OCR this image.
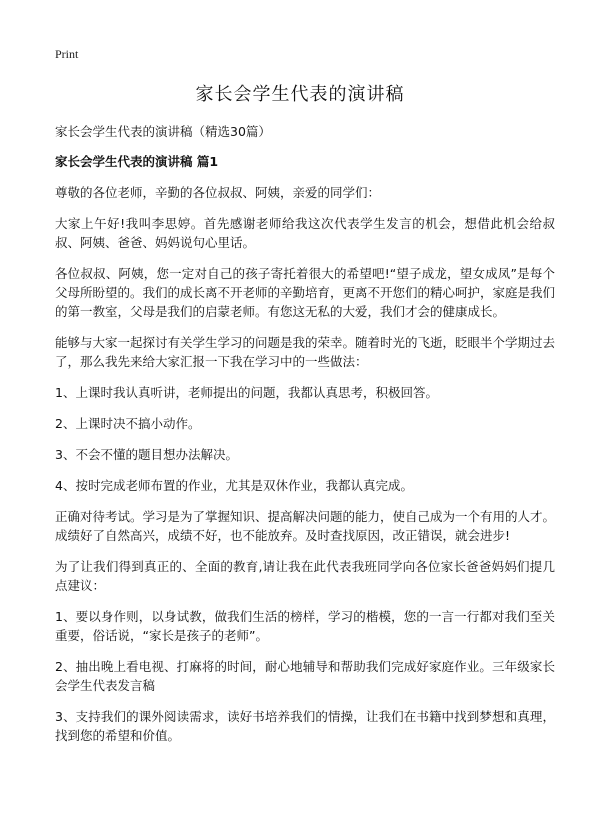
Print
家长会学生代表的演讲稿
家长会学生代表的演讲稿（精选30篇）
家长会学生代表的演讲稿 篇1

尊敬的各位老师，辛勤的各位叔叔、阿姨，亲爱的同学们：

大家上午好!我叫李思婷。首先感谢老师给我这次代表学生发言的机会，想借此机会给叔叔、阿姨、爸爸、妈妈说句心里话。

各位叔叔、阿姨，您一定对自己的孩子寄托着很大的希望吧!“望子成龙，望女成凤”是每个父母所盼望的。我们的成长离不开老师的辛勤培育，更离不开您们的精心呵护，家庭是我们的第一教室，父母是我们的启蒙老师。有您这无私的大爱，我们才会的健康成长。

能够与大家一起探讨有关学生学习的问题是我的荣幸。随着时光的飞逝，眨眼半个学期过去了，那么我先来给大家汇报一下我在学习中的一些做法：

1、上课时我认真听讲，老师提出的问题，我都认真思考，积极回答。

2、上课时决不搞小动作。

3、不会不懂的题目想办法解决。

4、按时完成老师布置的作业，尤其是双休作业，我都认真完成。

正确对待考试。学习是为了掌握知识、提高解决问题的能力，使自己成为一个有用的人才。成绩好了自然高兴，成绩不好，也不能放弃。及时查找原因，改正错误，就会进步!

为了让我们得到真正的、全面的教育,请让我在此代表我班同学向各位家长爸爸妈妈们提几点建议：

1、要以身作则，以身试教，做我们生活的榜样，学习的楷模，您的一言一行都对我们至关重要，俗话说，“家长是孩子的老师”。

2、抽出晚上看电视、打麻将的时间，耐心地辅导和帮助我们完成好家庭作业。三年级家长会学生代表发言稿

3、支持我们的课外阅读需求，读好书培养我们的情操，让我们在书籍中找到梦想和真理，找到您的希望和价值。
